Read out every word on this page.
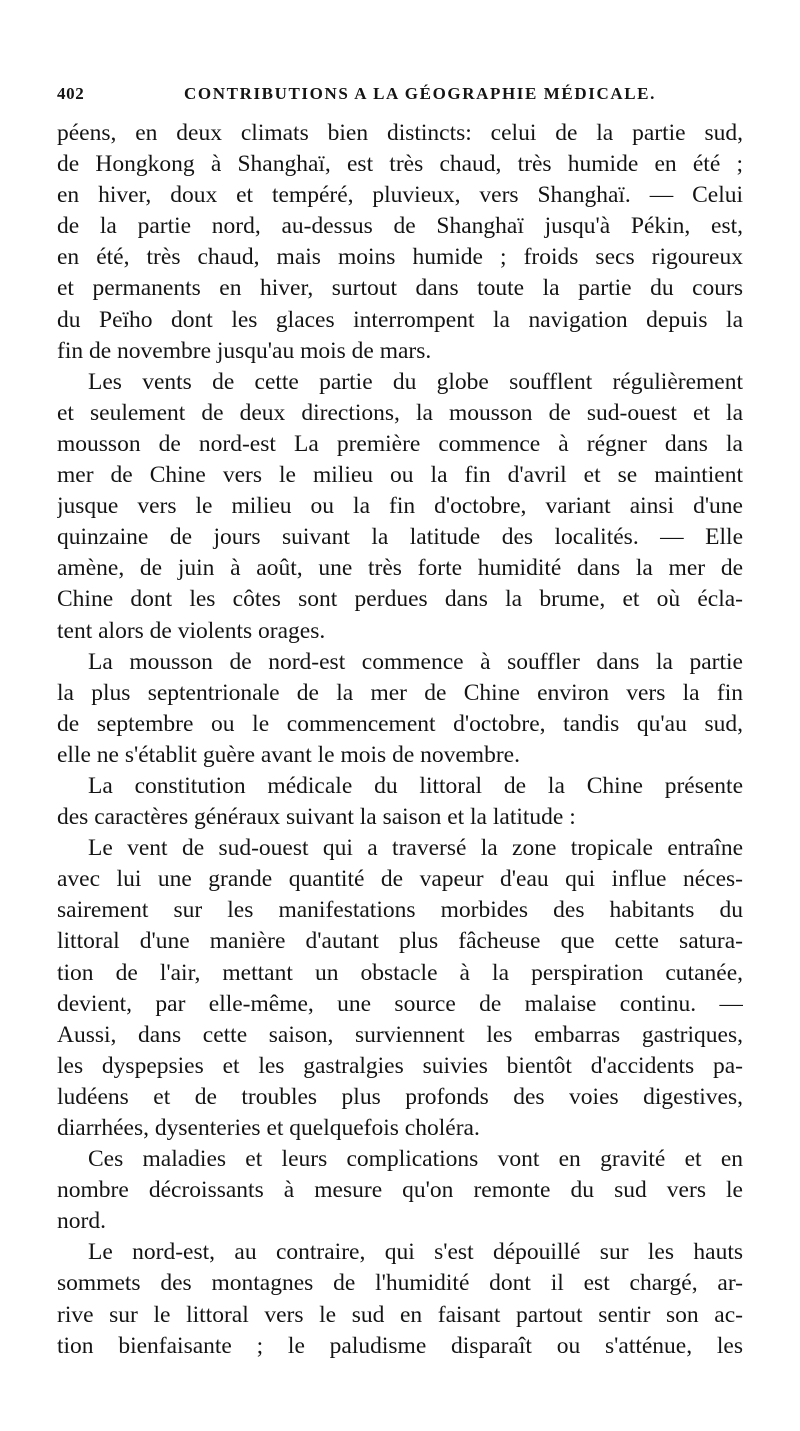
402	CONTRIBUTIONS A LA GÉOGRAPHIE MÉDICALE.
péens, en deux climats bien distincts: celui de la partie sud,
de Hongkong à Shanghaï, est très chaud, très humide en été ;
en hiver, doux et tempéré, pluvieux, vers Shanghaï. — Celui
de la partie nord, au-dessus de Shanghaï jusqu'à Pékin, est,
en été, très chaud, mais moins humide ; froids secs rigoureux
et permanents en hiver, surtout dans toute la partie du cours
du Peïho dont les glaces interrompent la navigation depuis la
fin de novembre jusqu'au mois de mars.
Les vents de cette partie du globe soufflent régulièrement
et seulement de deux directions, la mousson de sud-ouest et la
mousson de nord-est La première commence à régner dans la
mer de Chine vers le milieu ou la fin d'avril et se maintient
jusque vers le milieu ou la fin d'octobre, variant ainsi d'une
quinzaine de jours suivant la latitude des localités. — Elle
amène, de juin à août, une très forte humidité dans la mer de
Chine dont les côtes sont perdues dans la brume, et où écla-
tent alors de violents orages.
La mousson de nord-est commence à souffler dans la partie
la plus septentrionale de la mer de Chine environ vers la fin
de septembre ou le commencement d'octobre, tandis qu'au sud,
elle ne s'établit guère avant le mois de novembre.
La constitution médicale du littoral de la Chine présente
des caractères généraux suivant la saison et la latitude :
Le vent de sud-ouest qui a traversé la zone tropicale entraîne
avec lui une grande quantité de vapeur d'eau qui influe néces-
sairement sur les manifestations morbides des habitants du
littoral d'une manière d'autant plus fâcheuse que cette satura-
tion de l'air, mettant un obstacle à la perspiration cutanée,
devient, par elle-même, une source de malaise continu. —
Aussi, dans cette saison, surviennent les embarras gastriques,
les dyspepsies et les gastralgies suivies bientôt d'accidents pa-
ludéens et de troubles plus profonds des voies digestives,
diarrhées, dysenteries et quelquefois choléra.
Ces maladies et leurs complications vont en gravité et en
nombre décroissants à mesure qu'on remonte du sud vers le
nord.
Le nord-est, au contraire, qui s'est dépouillé sur les hauts
sommets des montagnes de l'humidité dont il est chargé, ar-
rive sur le littoral vers le sud en faisant partout sentir son ac-
tion bienfaisante ; le paludisme disparaît ou s'atténue, les
